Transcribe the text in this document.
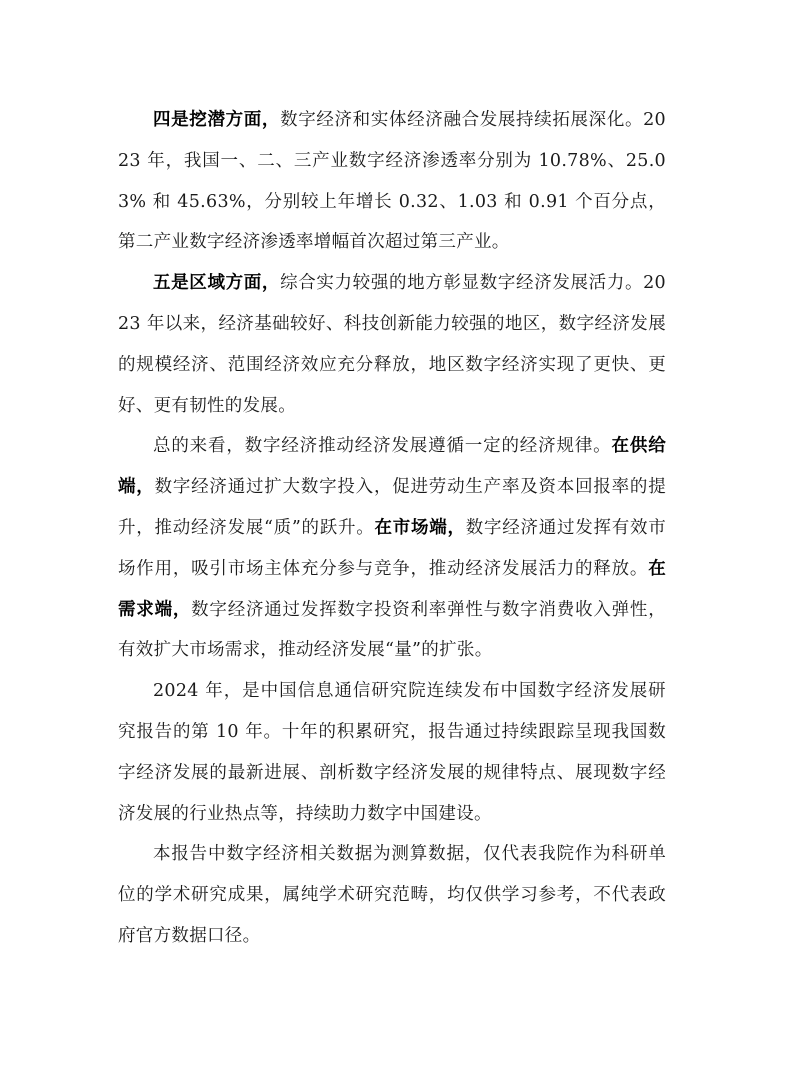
四是挖潜方面，数字经济和实体经济融合发展持续拓展深化。2023 年，我国一、二、三产业数字经济渗透率分别为 10.78%、25.03% 和 45.63%，分别较上年增长 0.32、1.03 和 0.91 个百分点，第二产业数字经济渗透率增幅首次超过第三产业。

五是区域方面，综合实力较强的地方彰显数字经济发展活力。2023 年以来，经济基础较好、科技创新能力较强的地区，数字经济发展的规模经济、范围经济效应充分释放，地区数字经济实现了更快、更好、更有韧性的发展。

总的来看，数字经济推动经济发展遵循一定的经济规律。在供给端，数字经济通过扩大数字投入，促进劳动生产率及资本回报率的提升，推动经济发展“质”的跃升。在市场端，数字经济通过发挥有效市场作用，吸引市场主体充分参与竞争，推动经济发展活力的释放。在需求端，数字经济通过发挥数字投资利率弹性与数字消费收入弹性，有效扩大市场需求，推动经济发展“量”的扩张。

2024 年，是中国信息通信研究院连续发布中国数字经济发展研究报告的第 10 年。十年的积累研究，报告通过持续跟踪呈现我国数字经济发展的最新进展、剖析数字经济发展的规律特点、展现数字经济发展的行业热点等，持续助力数字中国建设。

本报告中数字经济相关数据为测算数据，仅代表我院作为科研单位的学术研究成果，属纯学术研究范畴，均仅供学习参考，不代表政府官方数据口径。
